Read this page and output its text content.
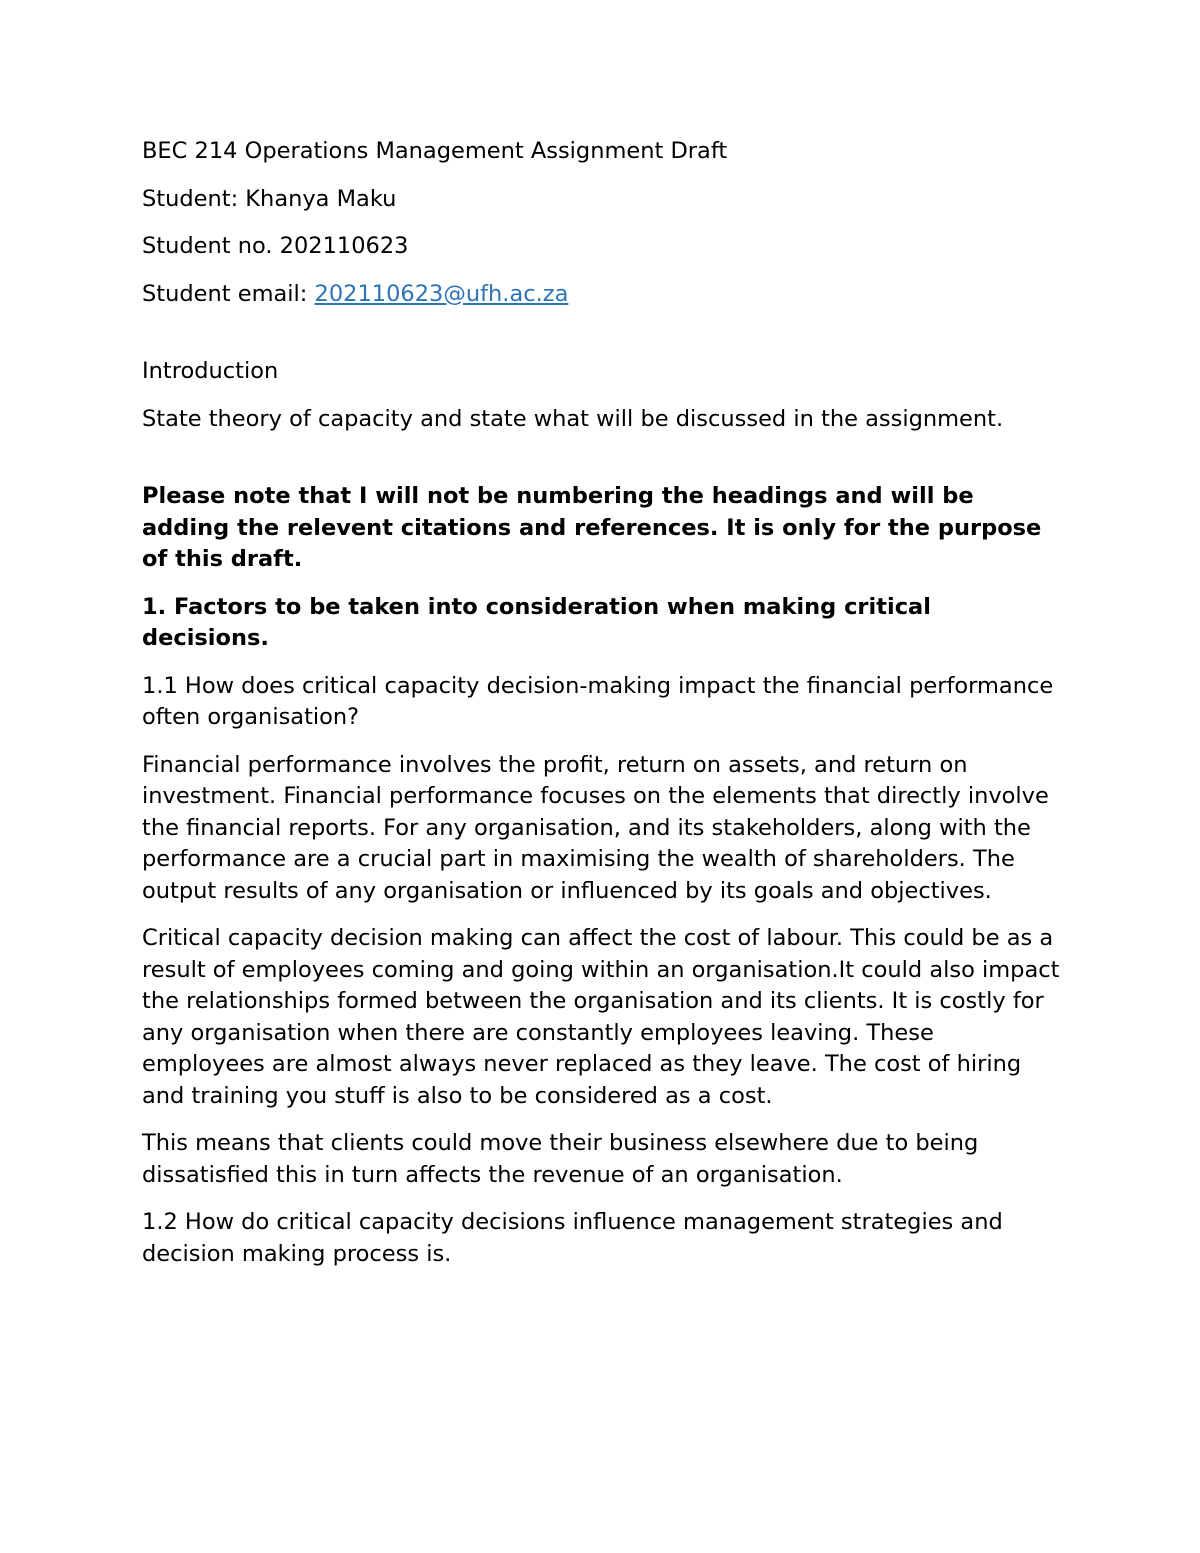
BEC 214 Operations Management Assignment Draft
Student: Khanya Maku
Student no. 202110623
Student email: 202110623@ufh.ac.za
Introduction
State theory of capacity and state what will be discussed in the assignment.
Please note that I will not be numbering the headings and will be adding the relevent citations and references. It is only for the purpose of this draft.
1. Factors to be taken into consideration when making critical decisions.
1.1 How does critical capacity decision-making impact the financial performance often organisation?
Financial performance involves the profit, return on assets, and return on investment. Financial performance focuses on the elements that directly involve the financial reports. For any organisation, and its stakeholders, along with the performance are a crucial part in maximising the wealth of shareholders. The output results of any organisation or influenced by its goals and objectives.
Critical capacity decision making can affect the cost of labour. This could be as a result of employees coming and going within an organisation.It could also impact the relationships formed between the organisation and its clients. It is costly for any organisation when there are constantly employees leaving. These employees are almost always never replaced as they leave. The cost of hiring and training you stuff is also to be considered as a cost.
This means that clients could move their business elsewhere due to being dissatisfied this in turn affects the revenue of an organisation.
1.2 How do critical capacity decisions influence management strategies and decision making process is.
